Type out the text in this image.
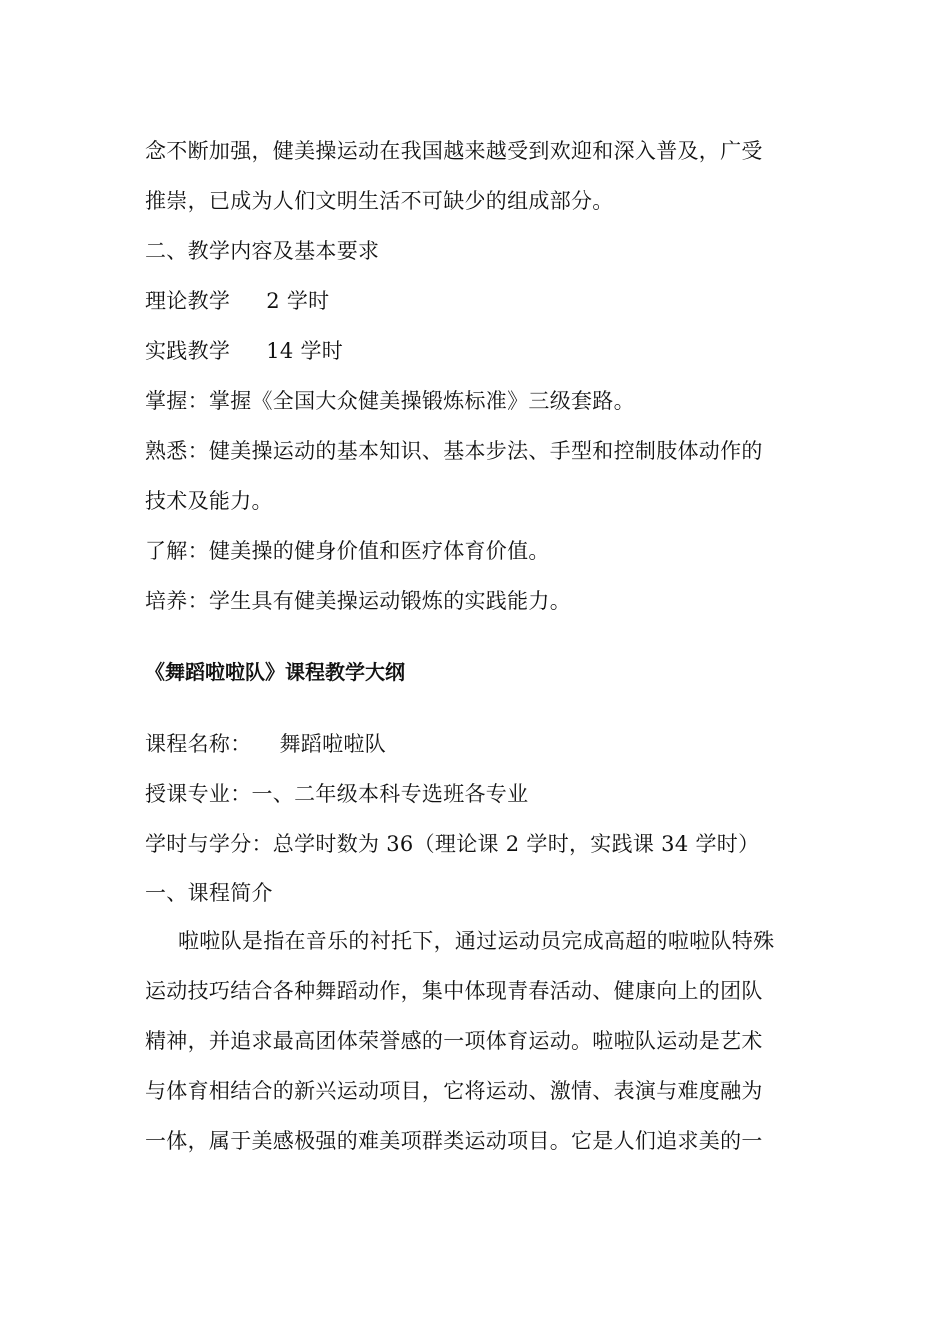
念不断加强，健美操运动在我国越来越受到欢迎和深入普及，广受
推崇，已成为人们文明生活不可缺少的组成部分。
二、教学内容及基本要求
理论教学 2 学时
实践教学 14 学时
掌握：掌握《全国大众健美操锻炼标准》三级套路。
熟悉：健美操运动的基本知识、基本步法、手型和控制肢体动作的
技术及能力。
了解：健美操的健身价值和医疗体育价值。
培养：学生具有健美操运动锻炼的实践能力。
《舞蹈啦啦队》课程教学大纲
课程名称： 舞蹈啦啦队
授课专业：一、二年级本科专选班各专业
学时与学分：总学时数为 36（理论课 2 学时，实践课 34 学时）
一、课程简介
啦啦队是指在音乐的衬托下，通过运动员完成高超的啦啦队特殊
运动技巧结合各种舞蹈动作，集中体现青春活动、健康向上的团队
精神，并追求最高团体荣誉感的一项体育运动。啦啦队运动是艺术
与体育相结合的新兴运动项目，它将运动、激情、表演与难度融为
一体，属于美感极强的难美项群类运动项目。它是人们追求美的一
